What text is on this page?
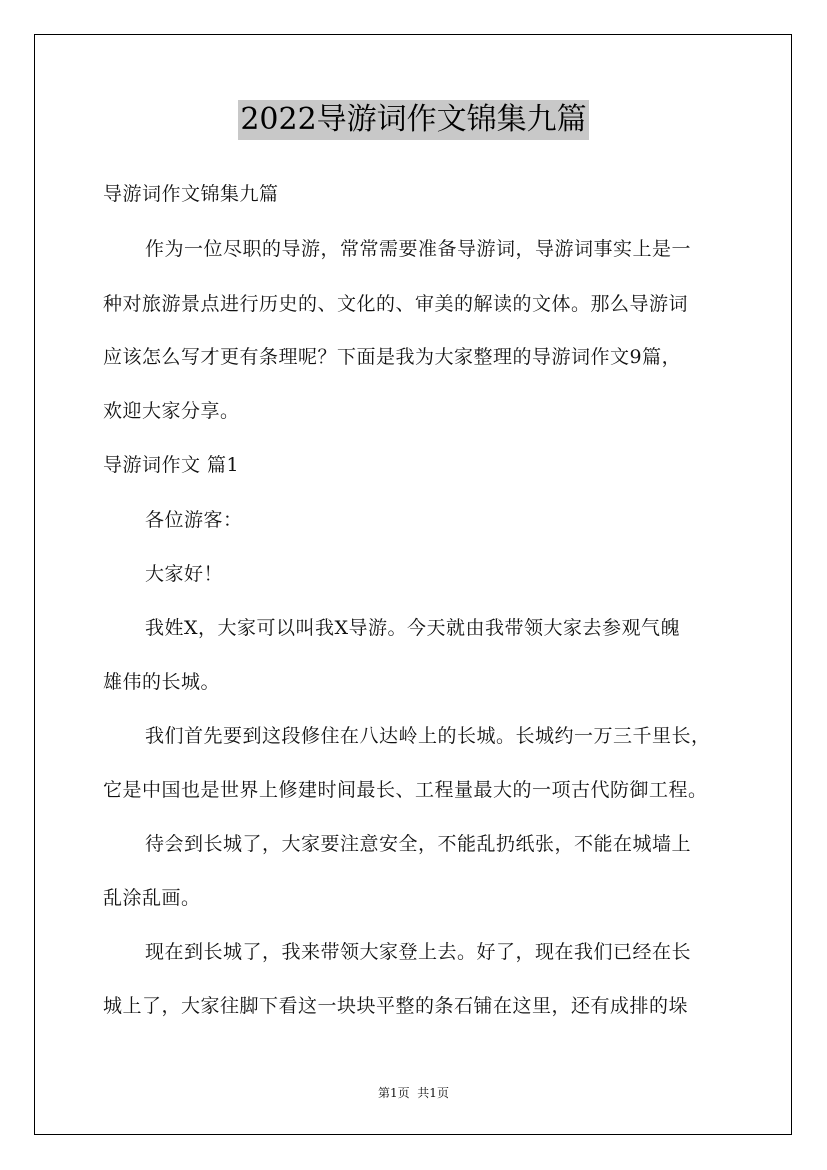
2022导游词作文锦集九篇
导游词作文锦集九篇
作为一位尽职的导游，常常需要准备导游词，导游词事实上是一
种对旅游景点进行历史的、文化的、审美的解读的文体。那么导游词
应该怎么写才更有条理呢？下面是我为大家整理的导游词作文9篇，
欢迎大家分享。
导游词作文 篇1
各位游客：
大家好！
我姓X，大家可以叫我X导游。今天就由我带领大家去参观气魄
雄伟的长城。
我们首先要到这段修住在八达岭上的长城。长城约一万三千里长，
它是中国也是世界上修建时间最长、工程量最大的一项古代防御工程。
待会到长城了，大家要注意安全，不能乱扔纸张，不能在城墙上
乱涂乱画。
现在到长城了，我来带领大家登上去。好了，现在我们已经在长
城上了，大家往脚下看这一块块平整的条石铺在这里，还有成排的垛
第1页  共1页
